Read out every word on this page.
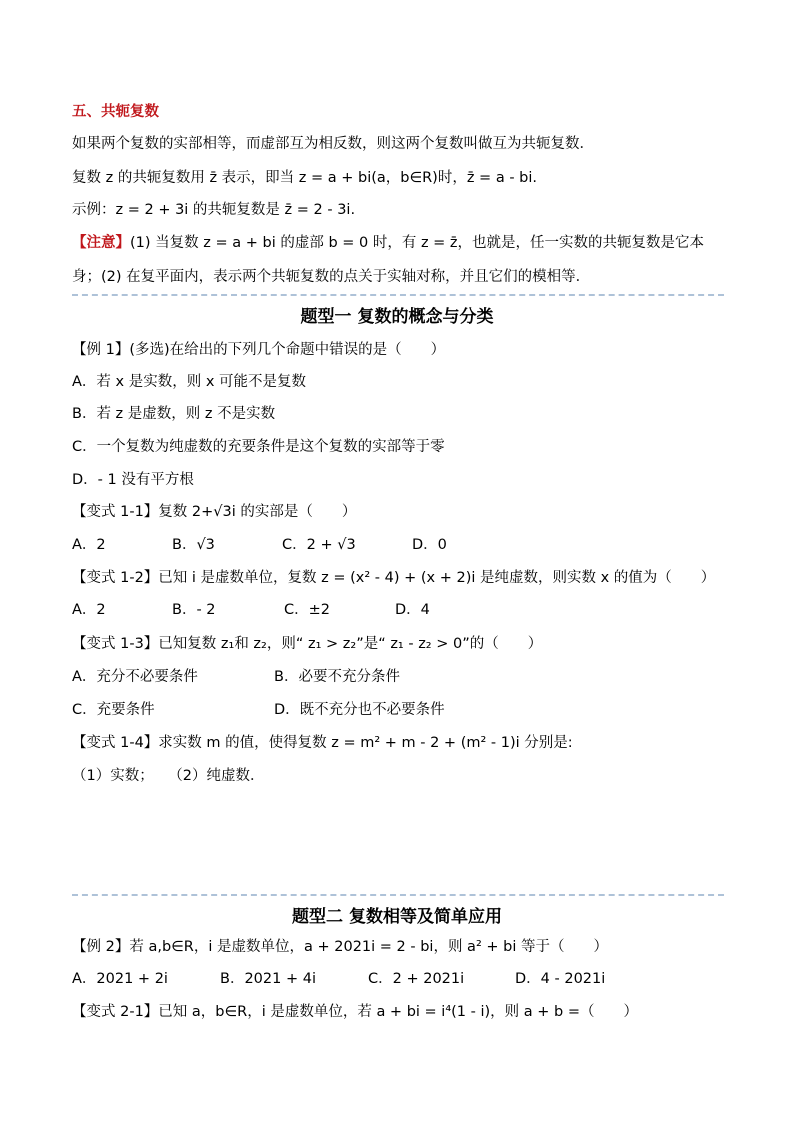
五、共轭复数
如果两个复数的实部相等，而虚部互为相反数，则这两个复数叫做互为共轭复数．
复数 z 的共轭复数用 z̄ 表示，即当 z = a + bi(a，b∈R)时，z̄ = a - bi.
示例：z = 2 + 3i 的共轭复数是 z̄ = 2 - 3i.
【注意】(1) 当复数 z = a + bi 的虚部 b = 0 时，有 z = z̄，也就是，任一实数的共轭复数是它本
身；(2) 在复平面内，表示两个共轭复数的点关于实轴对称，并且它们的模相等．
题型一 复数的概念与分类
【例 1】(多选)在给出的下列几个命题中错误的是（　　）
A．若 x 是实数，则 x 可能不是复数
B．若 z 是虚数，则 z 不是实数
C．一个复数为纯虚数的充要条件是这个复数的实部等于零
D．- 1 没有平方根
【变式 1-1】复数 2+√3i 的实部是（　　）
A．2	B．√3	C．2 + √3	D．0
【变式 1-2】已知 i 是虚数单位，复数 z = (x² - 4) + (x + 2)i 是纯虚数，则实数 x 的值为（　　）
A．2	B．- 2	C．±2	D．4
【变式 1-3】已知复数 z₁和 z₂，则“ z₁ > z₂”是“ z₁ - z₂ > 0”的（　　）
A．充分不必要条件	B．必要不充分条件
C．充要条件	D．既不充分也不必要条件
【变式 1-4】求实数 m 的值，使得复数 z = m² + m - 2 + (m² - 1)i 分别是:
（1）实数；　　（2）纯虚数．
题型二 复数相等及简单应用
【例 2】若 a,b∈R，i 是虚数单位，a + 2021i = 2 - bi，则 a² + bi 等于（　　）
A．2021 + 2i	B．2021 + 4i	C．2 + 2021i	D．4 - 2021i
【变式 2-1】已知 a，b∈R，i 是虚数单位，若 a + bi = i⁴(1 - i)，则 a + b =（　　）
